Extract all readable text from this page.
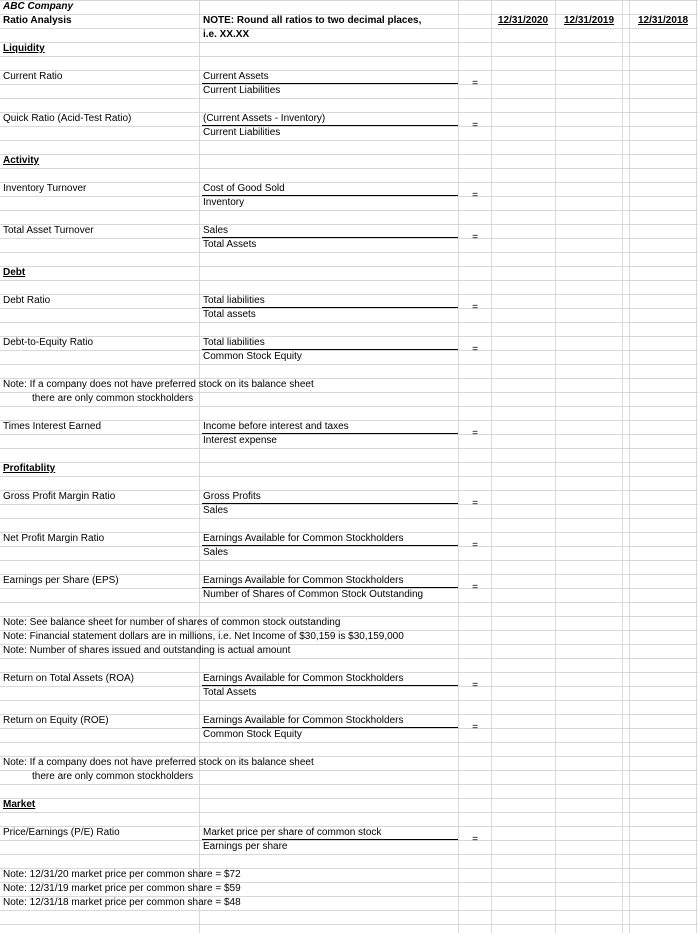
ABC Company
Ratio Analysis	NOTE: Round all ratios to two decimal places,
i.e. XX.XX
12/31/2020	12/31/2019	12/31/2018
Liquidity
Activity
Debt
Profitablity
Market
Note: If a company does not have preferred stock on its balance sheet
there are only common stockholders
Note: See balance sheet for number of shares of common stock outstanding
Note: Financial statement dollars are in millions, i.e. Net Income of $30,159 is $30,159,000
Note: Number of shares issued and outstanding is actual amount
Note: If a company does not have preferred stock on its balance sheet
there are only common stockholders
Note: 12/31/20 market price per common share = $72
Note: 12/31/19 market price per common share = $59
Note: 12/31/18 market price per common share = $48
Current Ratio	Current Assets
Current Liabilities
=
Quick Ratio (Acid-Test Ratio)	(Current Assets - Inventory)
Current Liabilities
=
Inventory Turnover	Cost of Good Sold
Inventory
=
Total Asset Turnover	Sales
Total Assets
=
Debt Ratio	Total liabilities
Total assets
=
Debt-to-Equity Ratio	Total liabilities
Common Stock Equity
=
Times Interest Earned	Income before interest and taxes
Interest expense
=
Gross Profit Margin Ratio	Gross Profits
Sales
=
Net Profit Margin Ratio	Earnings Available for Common Stockholders
Sales
=
Earnings per Share (EPS)	Earnings Available for Common Stockholders
Number of Shares of Common Stock Outstanding
=
Return on Total Assets (ROA)	Earnings Available for Common Stockholders
Total Assets
=
Return on Equity (ROE)	Earnings Available for Common Stockholders
Common Stock Equity
=
Price/Earnings (P/E) Ratio	Market price per share of common stock
Earnings per share
=
